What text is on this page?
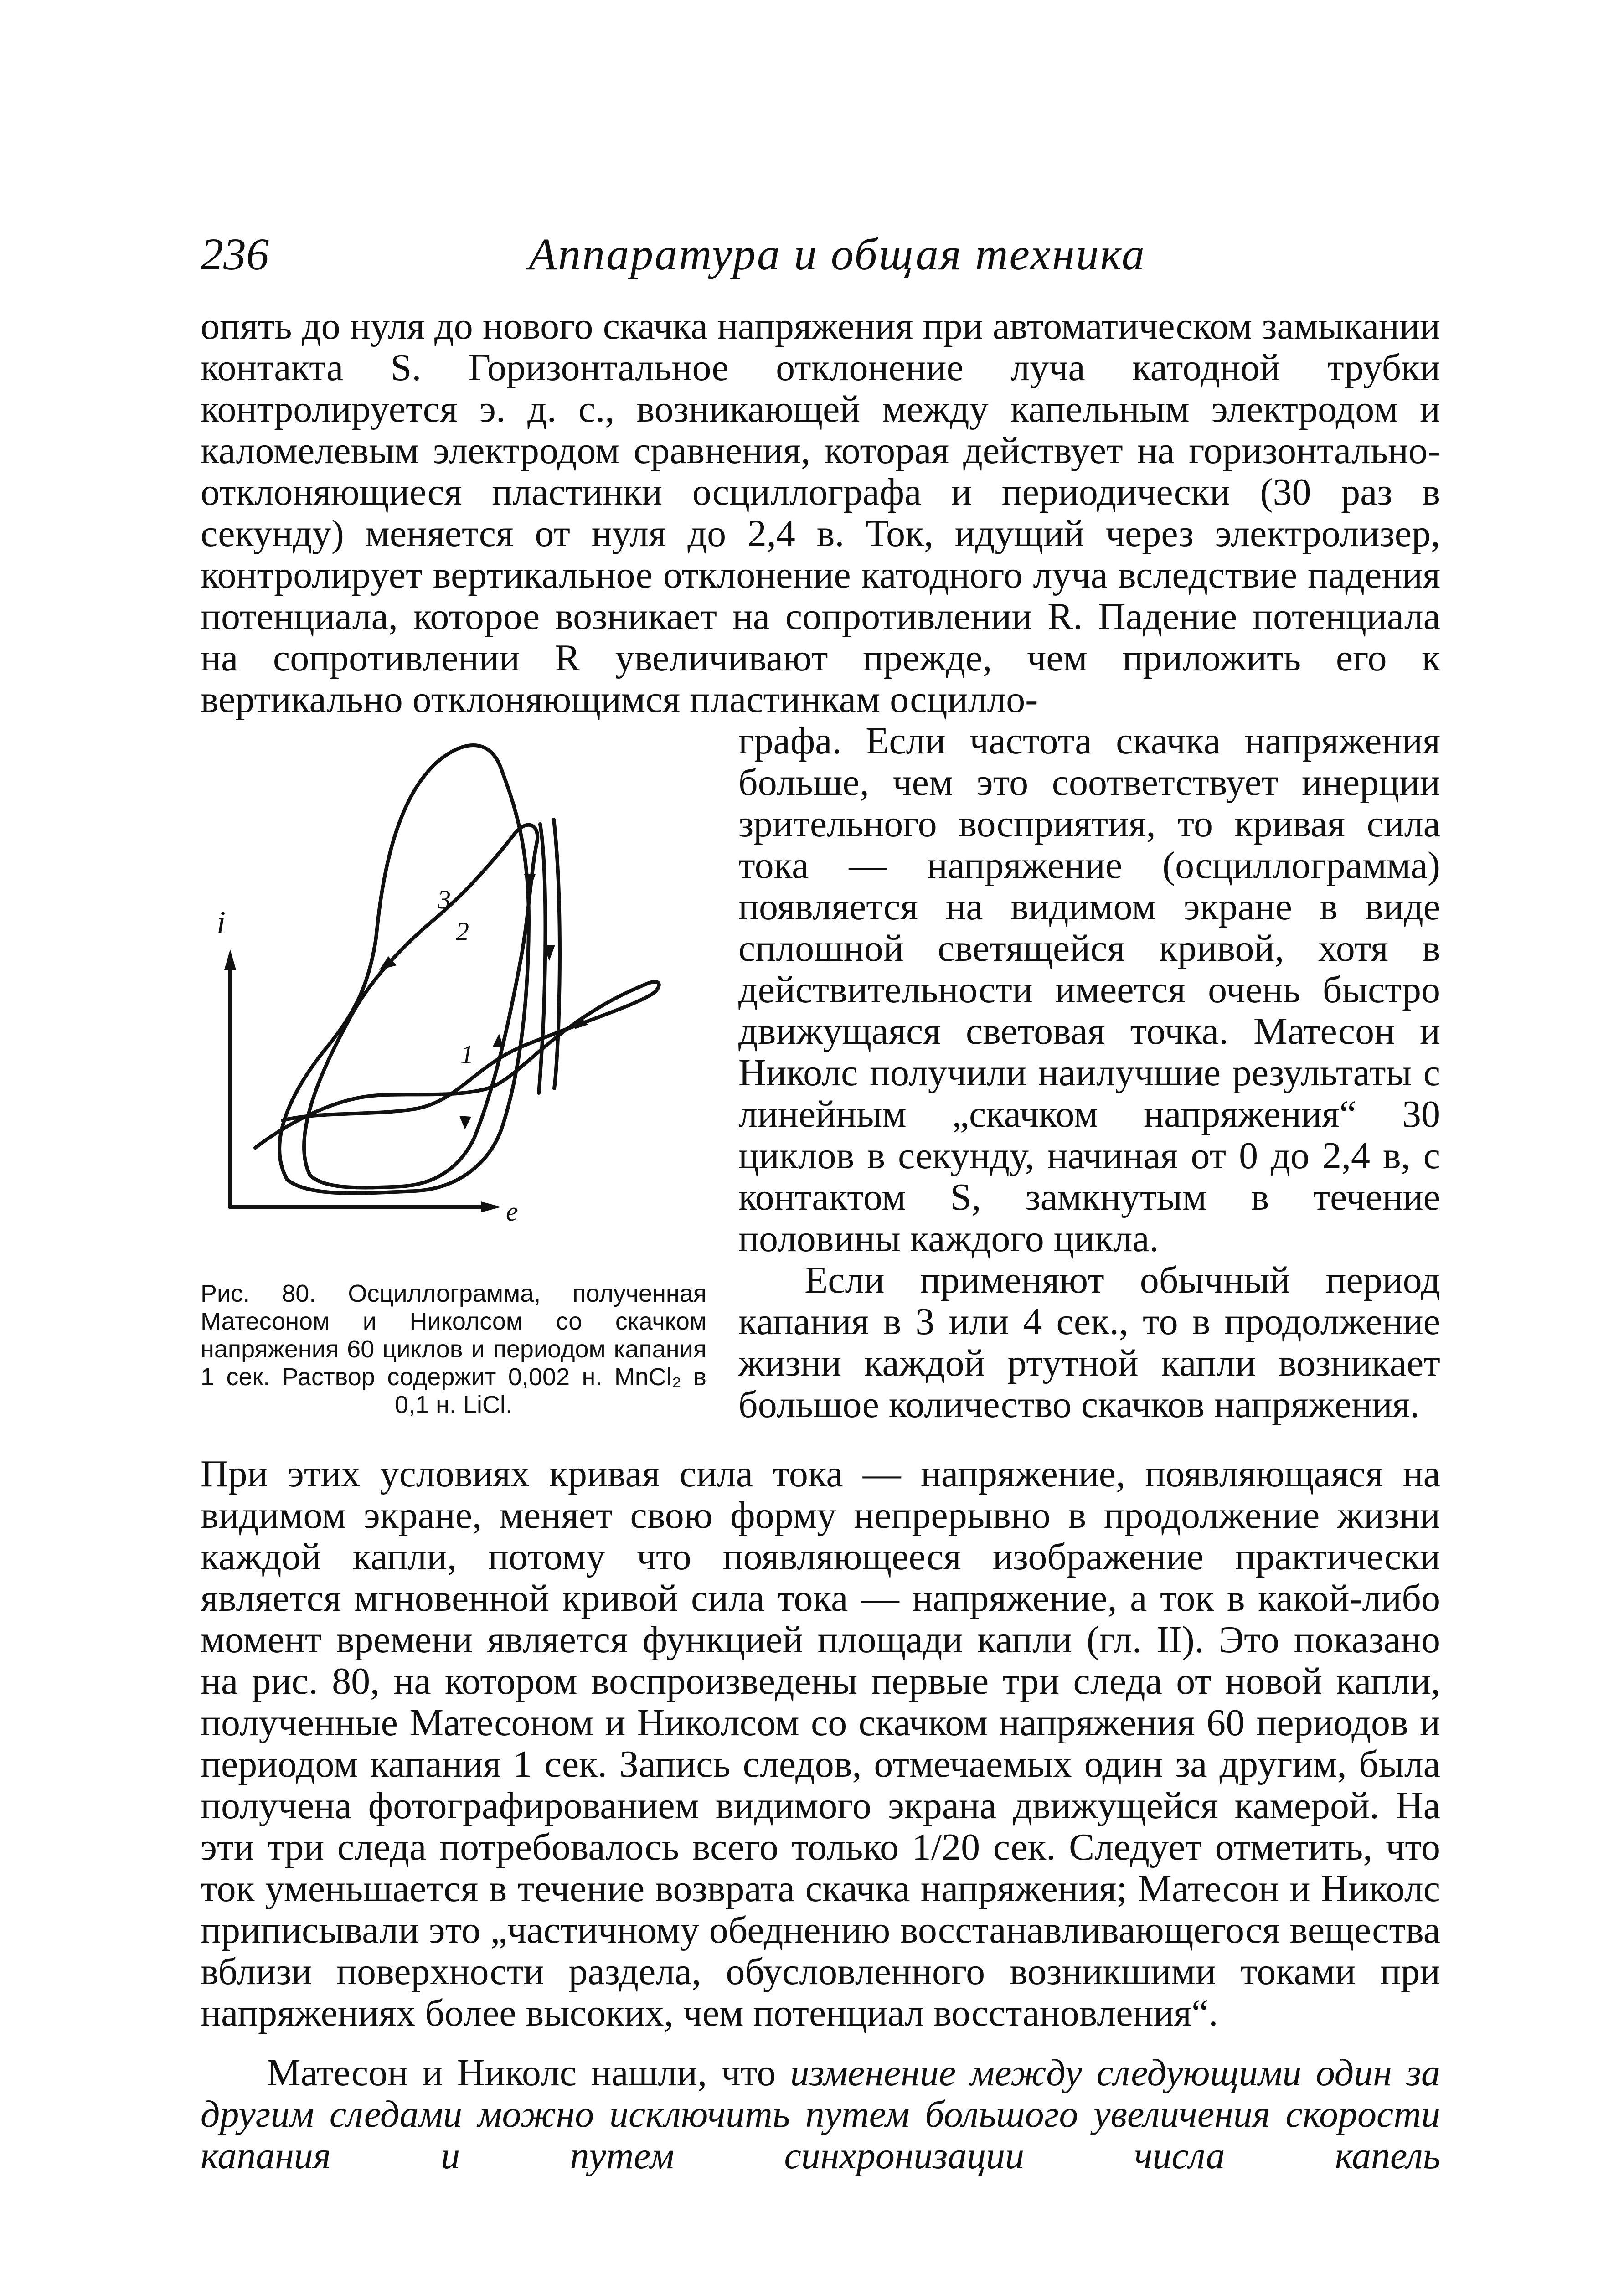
236	Аппаратура и общая техника

опять до нуля до нового скачка напряжения при автоматическом замыкании контакта S. Горизонтальное отклонение луча катодной трубки контролируется э. д. с., возникающей между капельным электродом и каломелевым электродом сравнения, которая действует на горизонтально-отклоняющиеся пластинки осциллографа и периодически (30 раз в секунду) меняется от нуля до 2,4 в. Ток, идущий через электролизер, контролирует вертикальное отклонение катодного луча вследствие падения потенциала, которое возникает на сопротивлении R. Падение потенциала на сопротивлении R увеличивают прежде, чем приложить его к вертикально отклоняющимся пластинкам осцилло-

i
e
1
2
3
Рис. 80. Осциллограмма, полученная Матесоном и Николсом со скачком напряжения 60 циклов и периодом капания 1 сек. Раствор содержит 0,002 н. MnCl₂ в 0,1 н. LiCl.

графа. Если частота скачка напряжения больше, чем это соответствует инерции зрительного восприятия, то кривая сила тока — напряжение (осциллограмма) появляется на видимом экране в виде сплошной светящейся кривой, хотя в действительности имеется очень быстро движущаяся световая точка. Матесон и Николс получили наилучшие результаты с линейным „скачком напряжения“ 30 циклов в секунду, начиная от 0 до 2,4 в, с контактом S, замкнутым в течение половины каждого цикла.

Если применяют обычный период капания в 3 или 4 сек., то в продолжение жизни каждой ртутной капли возникает большое количество скачков напряжения.

При этих условиях кривая сила тока — напряжение, появляющаяся на видимом экране, меняет свою форму непрерывно в продолжение жизни каждой капли, потому что появляющееся изображение практически является мгновенной кривой сила тока — напряжение, а ток в какой-либо момент времени является функцией площади капли (гл. II). Это показано на рис. 80, на котором воспроизведены первые три следа от новой капли, полученные Матесоном и Николсом со скачком напряжения 60 периодов и периодом капания 1 сек. Запись следов, отмечаемых один за другим, была получена фотографированием видимого экрана движущейся камерой. На эти три следа потребовалось всего только 1/20 сек. Следует отметить, что ток уменьшается в течение возврата скачка напряжения; Матесон и Николс приписывали это „частичному обеднению восстанавливающегося вещества вблизи поверхности раздела, обусловленного возникшими токами при напряжениях более высоких, чем потенциал восстановления“.

Матесон и Николс нашли, что изменение между следующими один за другим следами можно исключить путем большого увеличения скорости капания и путем синхронизации числа капель
